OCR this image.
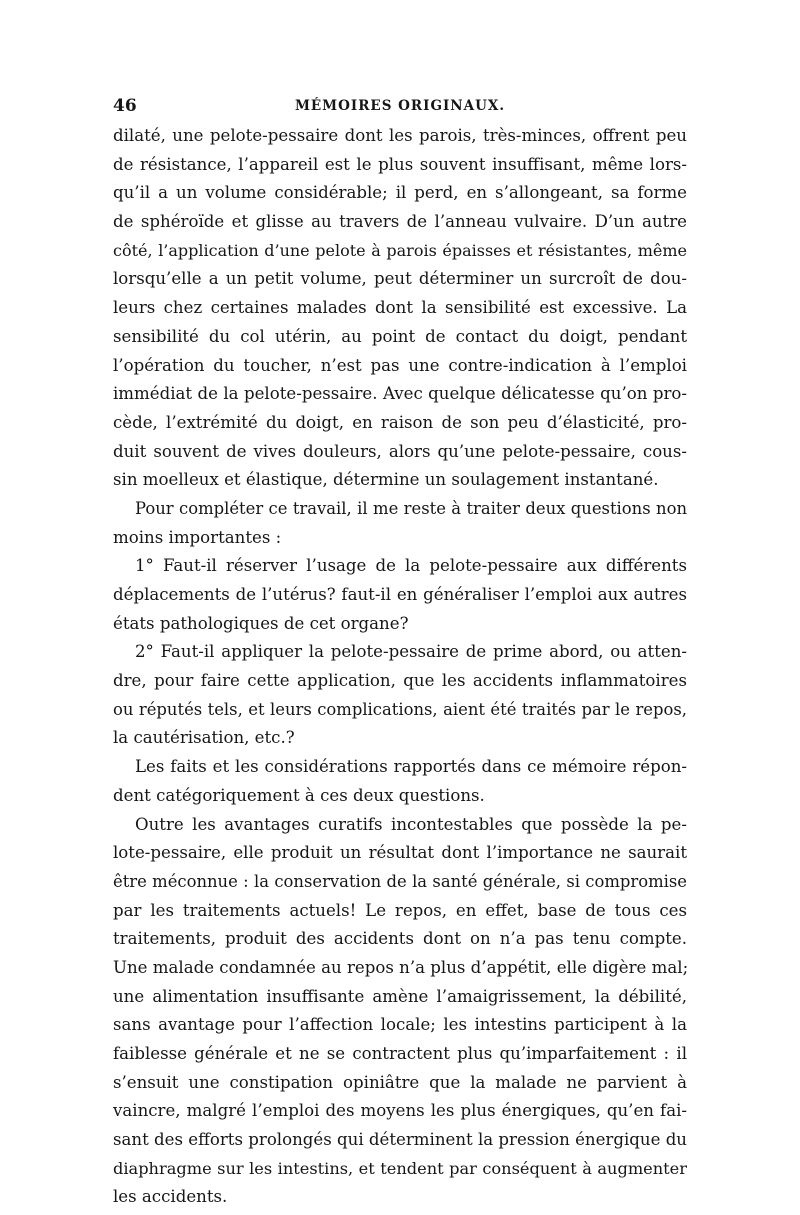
46	MÉMOIRES ORIGINAUX.
dilaté, une pelote-pessaire dont les parois, très-minces, offrent peu
de résistance, l’appareil est le plus souvent insuffisant, même lors-
qu’il a un volume considérable; il perd, en s’allongeant, sa forme
de sphéroïde et glisse au travers de l’anneau vulvaire. D’un autre
côté, l’application d’une pelote à parois épaisses et résistantes, même
lorsqu’elle a un petit volume, peut déterminer un surcroît de dou-
leurs chez certaines malades dont la sensibilité est excessive. La
sensibilité du col utérin, au point de contact du doigt, pendant
l’opération du toucher, n’est pas une contre-indication à l’emploi
immédiat de la pelote-pessaire. Avec quelque délicatesse qu’on pro-
cède, l’extrémité du doigt, en raison de son peu d’élasticité, pro-
duit souvent de vives douleurs, alors qu’une pelote-pessaire, cous-
sin moelleux et élastique, détermine un soulagement instantané.
Pour compléter ce travail, il me reste à traiter deux questions non
moins importantes :
1° Faut-il réserver l’usage de la pelote-pessaire aux différents
déplacements de l’utérus? faut-il en généraliser l’emploi aux autres
états pathologiques de cet organe?
2° Faut-il appliquer la pelote-pessaire de prime abord, ou atten-
dre, pour faire cette application, que les accidents inflammatoires
ou réputés tels, et leurs complications, aient été traités par le repos,
la cautérisation, etc.?
Les faits et les considérations rapportés dans ce mémoire répon-
dent catégoriquement à ces deux questions.
Outre les avantages curatifs incontestables que possède la pe-
lote-pessaire, elle produit un résultat dont l’importance ne saurait
être méconnue : la conservation de la santé générale, si compromise
par les traitements actuels! Le repos, en effet, base de tous ces
traitements, produit des accidents dont on n’a pas tenu compte.
Une malade condamnée au repos n’a plus d’appétit, elle digère mal;
une alimentation insuffisante amène l’amaigrissement, la débilité,
sans avantage pour l’affection locale; les intestins participent à la
faiblesse générale et ne se contractent plus qu’imparfaitement : il
s’ensuit une constipation opiniâtre que la malade ne parvient à
vaincre, malgré l’emploi des moyens les plus énergiques, qu’en fai-
sant des efforts prolongés qui déterminent la pression énergique du
diaphragme sur les intestins, et tendent par conséquent à augmenter
les accidents.
